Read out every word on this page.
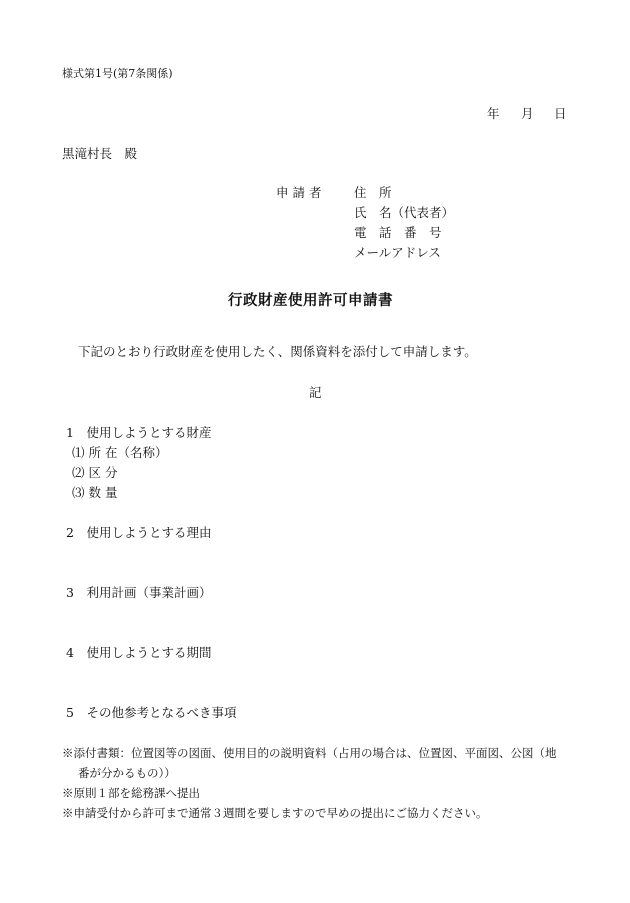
様式第1号(第7条関係)
年 月 日
黒滝村長　殿
申 請 者	住　所
氏　名（代表者）
電　話　番　号
メールアドレス
行政財産使用許可申請書
下記のとおり行政財産を使用したく、関係資料を添付して申請します。
記
1　使用しようとする財産
⑴ 所 在（名称）
⑵ 区 分
⑶ 数 量
2　使用しようとする理由
3　利用計画（事業計画）
4　使用しようとする期間
5　その他参考となるべき事項
※添付書類：位置図等の図面、使用目的の説明資料（占用の場合は、位置図、平面図、公図（地
番が分かるもの））
※原則１部を総務課へ提出
※申請受付から許可まで通常３週間を要しますので早めの提出にご協力ください。
